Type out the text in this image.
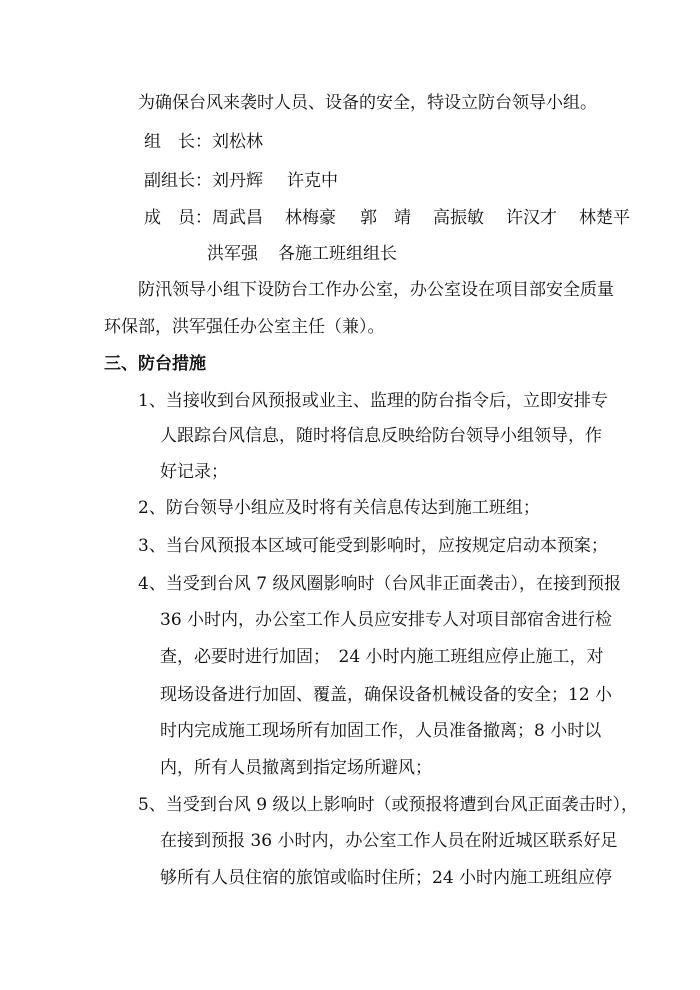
为确保台风来袭时人员、设备的安全，特设立防台领导小组。
组　长：刘松林
副组长：刘丹辉 许克中
成　员：周武昌 林梅豪 郭　靖 高振敏 许汉才 林楚平
洪军强 各施工班组组长
防汛领导小组下设防台工作办公室，办公室设在项目部安全质量
环保部，洪军强任办公室主任（兼）。
三、防台措施
1、当接收到台风预报或业主、监理的防台指令后，立即安排专
人跟踪台风信息，随时将信息反映给防台领导小组领导，作
好记录；
2、防台领导小组应及时将有关信息传达到施工班组；
3、当台风预报本区域可能受到影响时，应按规定启动本预案；
4、当受到台风 7 级风圈影响时（台风非正面袭击），在接到预报
36 小时内，办公室工作人员应安排专人对项目部宿舍进行检
查，必要时进行加固；　24 小时内施工班组应停止施工，对
现场设备进行加固、覆盖，确保设备机械设备的安全；12 小
时内完成施工现场所有加固工作，人员准备撤离；8 小时以
内，所有人员撤离到指定场所避风；
5、当受到台风 9 级以上影响时（或预报将遭到台风正面袭击时），
在接到预报 36 小时内，办公室工作人员在附近城区联系好足
够所有人员住宿的旅馆或临时住所；24 小时内施工班组应停
